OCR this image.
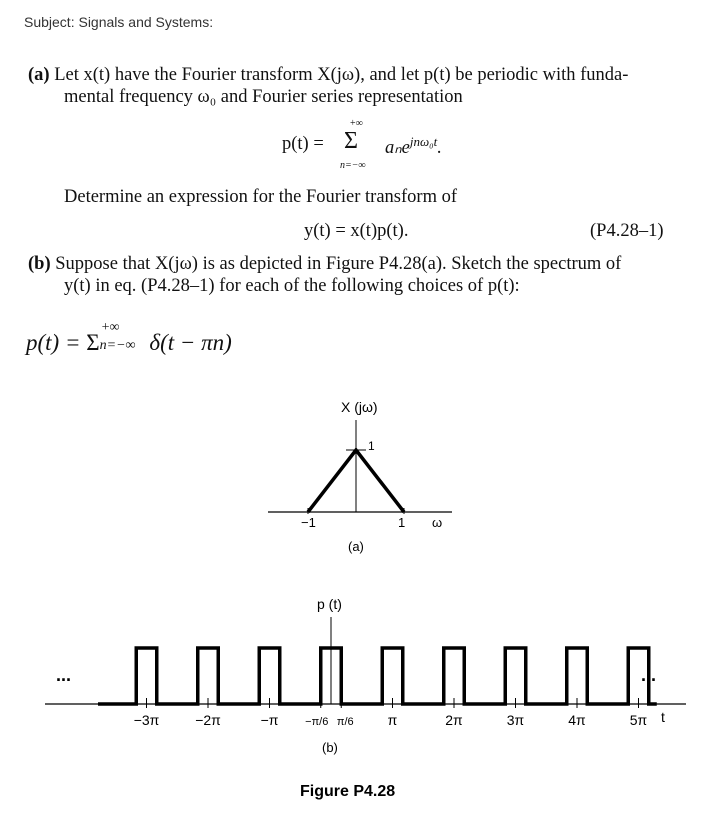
Subject: Signals and Systems:
(a) Let x(t) have the Fourier transform X(jω), and let p(t) be periodic with funda-
mental frequency ω₀ and Fourier series representation
p(t) =
+∞
Σ
n=−∞
aₙe$^{jn\omega_0t}$.
Determine an expression for the Fourier transform of
y(t) = x(t)p(t).	(P4.28–1)
(b) Suppose that X(jω) is as depicted in Figure P4.28(a). Sketch the spectrum of
y(t) in eq. (P4.28–1) for each of the following choices of p(t):
p(t) = Σ
+∞
n=−∞ δ(t − πn)
X (jω)
1
−1	1 ω
(a)
p (t)
−3π	−2π	−π −π/6 π/6 π	2π	3π	4π	5π
...	...
t
(b)
Figure P4.28
